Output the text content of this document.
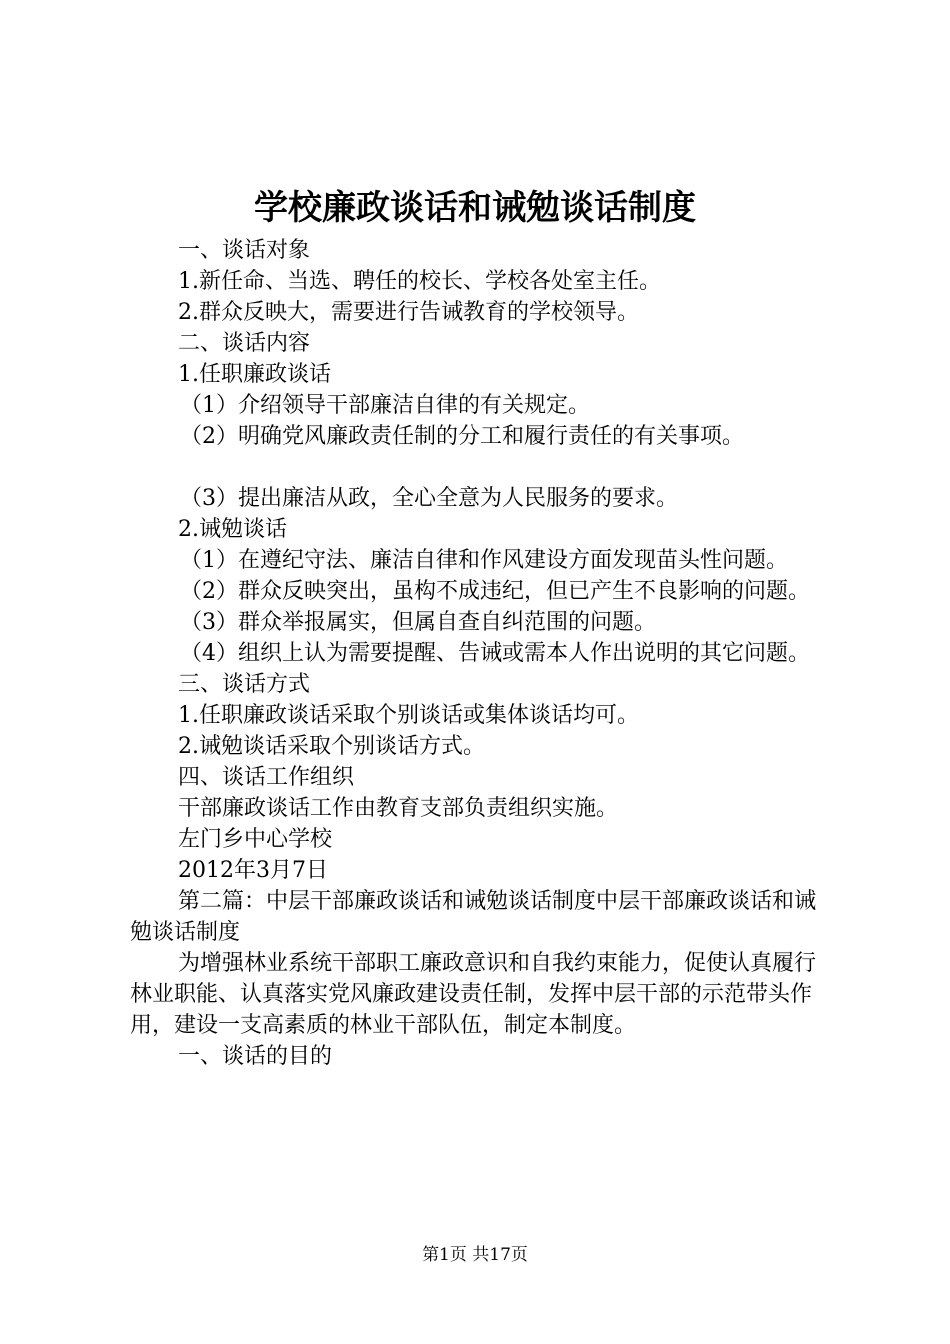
学校廉政谈话和诫勉谈话制度

一、谈话对象

1.新任命、当选、聘任的校长、学校各处室主任。

2.群众反映大，需要进行告诫教育的学校领导。

二、谈话内容

1.任职廉政谈话

（1）介绍领导干部廉洁自律的有关规定。

（2）明确党风廉政责任制的分工和履行责任的有关事项。

（3）提出廉洁从政，全心全意为人民服务的要求。

2.诫勉谈话

（1）在遵纪守法、廉洁自律和作风建设方面发现苗头性问题。

（2）群众反映突出，虽构不成违纪，但已产生不良影响的问题。

（3）群众举报属实，但属自查自纠范围的问题。

（4）组织上认为需要提醒、告诫或需本人作出说明的其它问题。

三、谈话方式

1.任职廉政谈话采取个别谈话或集体谈话均可。

2.诫勉谈话采取个别谈话方式。

四、谈话工作组织

干部廉政谈话工作由教育支部负责组织实施。

左门乡中心学校

2012年3月7日

第二篇：中层干部廉政谈话和诫勉谈话制度中层干部廉政谈话和诫勉谈话制度

为增强林业系统干部职工廉政意识和自我约束能力，促使认真履行林业职能、认真落实党风廉政建设责任制，发挥中层干部的示范带头作用，建设一支高素质的林业干部队伍，制定本制度。

一、谈话的目的

第1页 共17页
